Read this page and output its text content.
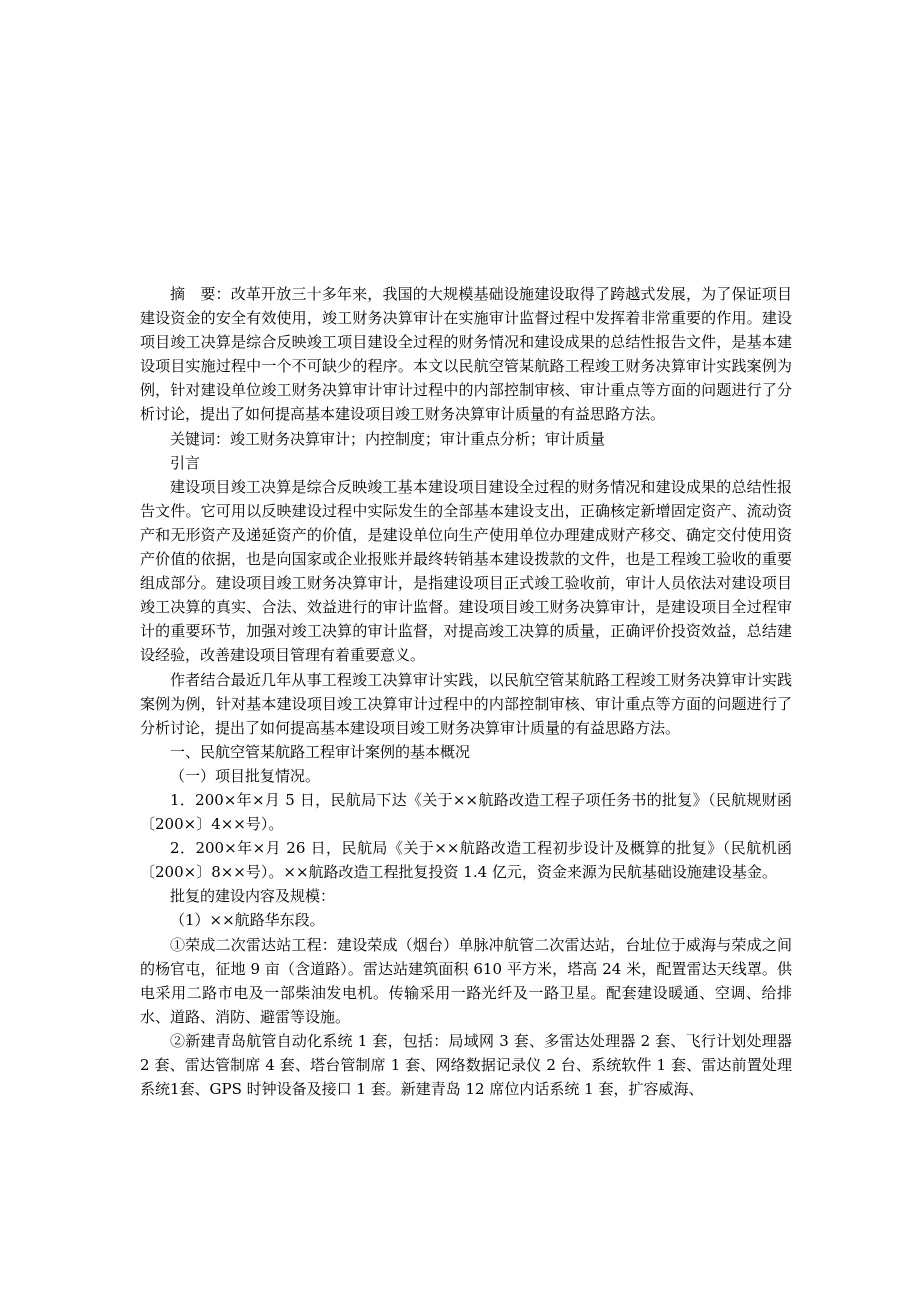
摘　要：改革开放三十多年来，我国的大规模基础设施建设取得了跨越式发展，为了保证项目建设资金的安全有效使用，竣工财务决算审计在实施审计监督过程中发挥着非常重要的作用。建设项目竣工决算是综合反映竣工项目建设全过程的财务情况和建设成果的总结性报告文件，是基本建设项目实施过程中一个不可缺少的程序。本文以民航空管某航路工程竣工财务决算审计实践案例为例，针对建设单位竣工财务决算审计审计过程中的内部控制审核、审计重点等方面的问题进行了分析讨论，提出了如何提高基本建设项目竣工财务决算审计质量的有益思路方法。

关键词：竣工财务决算审计；内控制度；审计重点分析；审计质量

引言

建设项目竣工决算是综合反映竣工基本建设项目建设全过程的财务情况和建设成果的总结性报告文件。它可用以反映建设过程中实际发生的全部基本建设支出，正确核定新增固定资产、流动资产和无形资产及递延资产的价值，是建设单位向生产使用单位办理建成财产移交、确定交付使用资产价值的依据，也是向国家或企业报账并最终转销基本建设拨款的文件，也是工程竣工验收的重要组成部分。建设项目竣工财务决算审计，是指建设项目正式竣工验收前，审计人员依法对建设项目竣工决算的真实、合法、效益进行的审计监督。建设项目竣工财务决算审计，是建设项目全过程审计的重要环节，加强对竣工决算的审计监督，对提高竣工决算的质量，正确评价投资效益，总结建设经验，改善建设项目管理有着重要意义。

作者结合最近几年从事工程竣工决算审计实践，以民航空管某航路工程竣工财务决算审计实践案例为例，针对基本建设项目竣工决算审计过程中的内部控制审核、审计重点等方面的问题进行了分析讨论，提出了如何提高基本建设项目竣工财务决算审计质量的有益思路方法。

一、民航空管某航路工程审计案例的基本概况

（一）项目批复情况。

1．200×年×月 5 日，民航局下达《关于××航路改造工程子项任务书的批复》（民航规财函〔200×〕4××号）。

2．200×年×月 26 日，民航局《关于××航路改造工程初步设计及概算的批复》（民航机函〔200×〕8××号）。××航路改造工程批复投资 1.4 亿元，资金来源为民航基础设施建设基金。

批复的建设内容及规模：

（1）××航路华东段。

①荣成二次雷达站工程：建设荣成（烟台）单脉冲航管二次雷达站，台址位于威海与荣成之间的杨官屯，征地 9 亩（含道路）。雷达站建筑面积 610 平方米，塔高 24 米，配置雷达天线罩。供电采用二路市电及一部柴油发电机。传输采用一路光纤及一路卫星。配套建设暖通、空调、给排水、道路、消防、避雷等设施。

②新建青岛航管自动化系统 1 套，包括：局域网 3 套、多雷达处理器 2 套、飞行计划处理器 2 套、雷达管制席 4 套、塔台管制席 1 套、网络数据记录仪 2 台、系统软件 1 套、雷达前置处理系统1套、GPS 时钟设备及接口 1 套。新建青岛 12 席位内话系统 1 套，扩容威海、
